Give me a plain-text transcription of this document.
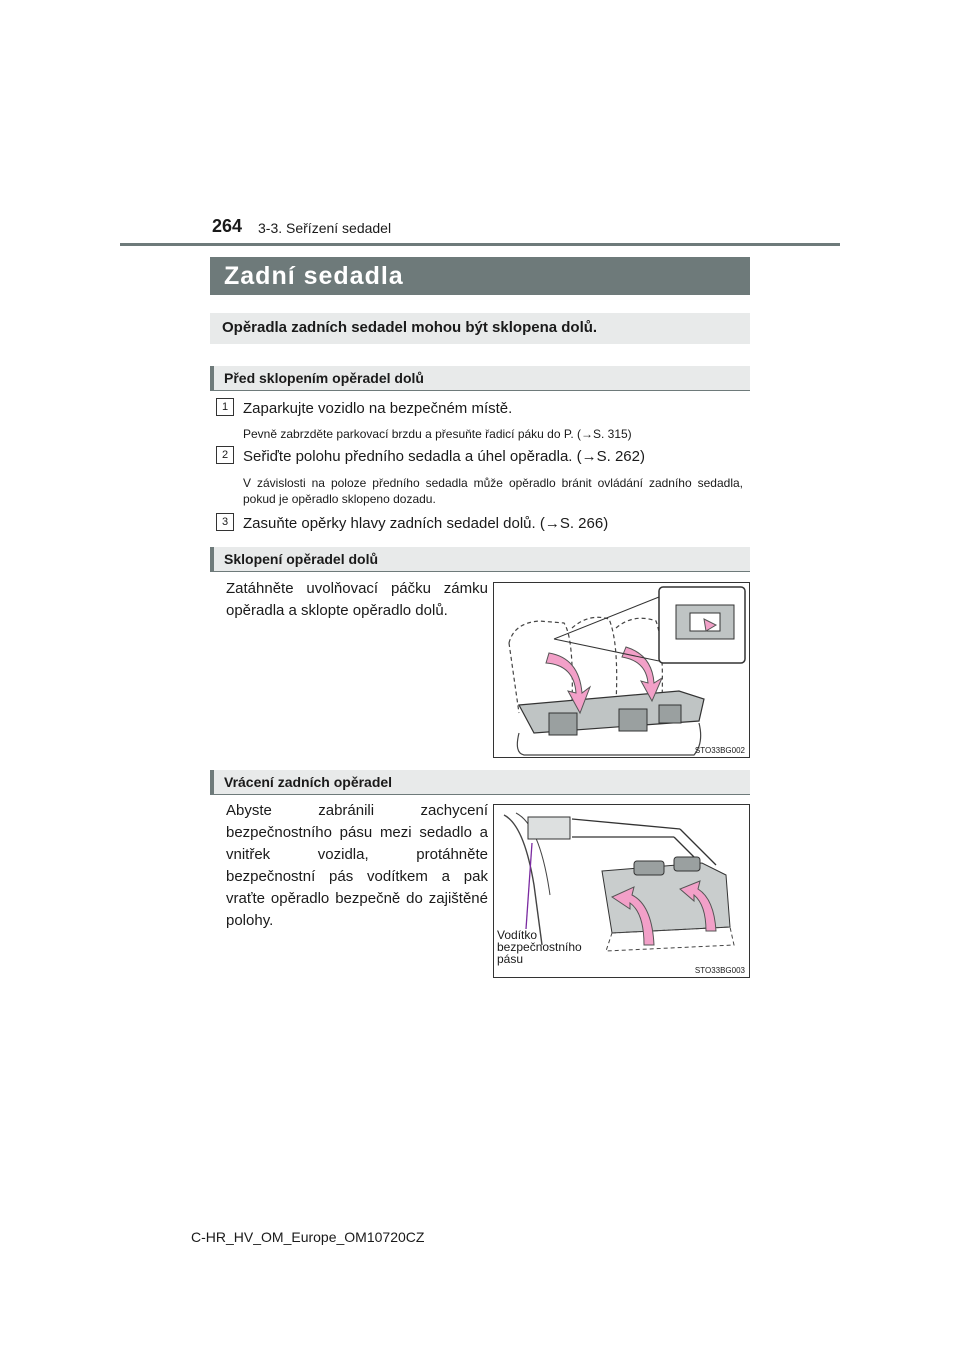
264 3-3. Seřízení sedadel
Zadní sedadla
Opěradla zadních sedadel mohou být sklopena dolů.
Před sklopením opěradel dolů
1 Zaparkujte vozidlo na bezpečném místě.
Pevně zabrzděte parkovací brzdu a přesuňte řadicí páku do P. (→S. 315)
2 Seřiďte polohu předního sedadla a úhel opěradla. (→S. 262)
V závislosti na poloze předního sedadla může opěradlo bránit ovládání zadního sedadla, pokud je opěradlo sklopeno dozadu.
3 Zasuňte opěrky hlavy zadních sedadel dolů. (→S. 266)
Sklopení opěradel dolů
Zatáhněte uvolňovací páčku zámku opěradla a sklopte opěradlo dolů.
STO33BG002
Vrácení zadních opěradel
Abyste zabránili zachycení bezpečnostního pásu mezi sedadlo a vnitřek vozidla, protáhněte bezpečnostní pás vodítkem a pak vraťte opěradlo bezpečně do zajištěné polohy.
Vodítko
bezpečnostního
pásu
STO33BG003
C-HR_HV_OM_Europe_OM10720CZ
